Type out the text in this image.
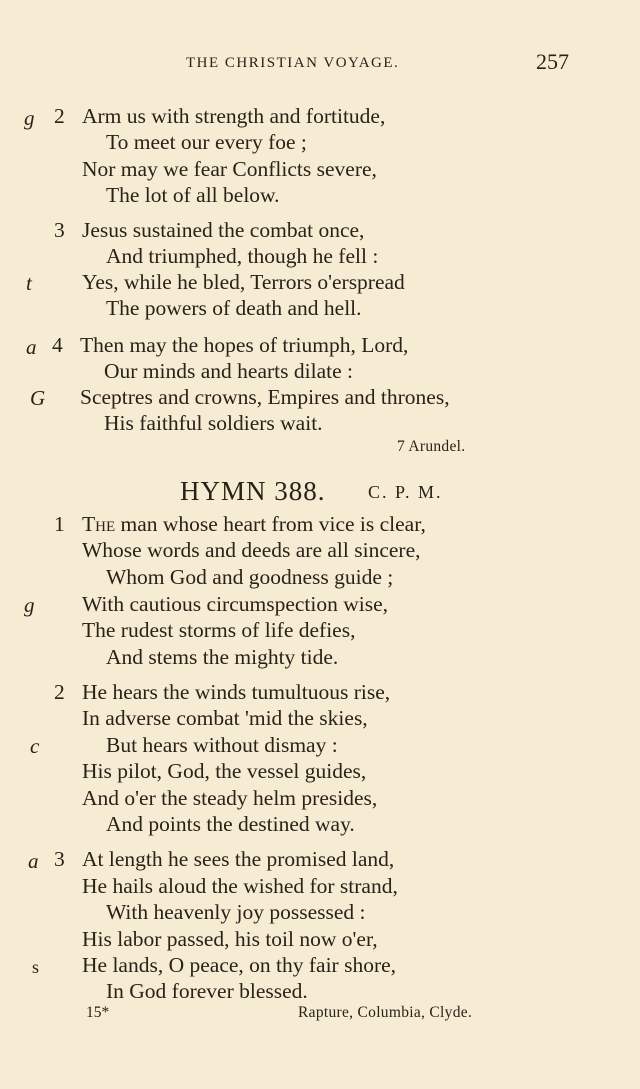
THE CHRISTIAN VOYAGE.	257
g 2 Arm us with strength and fortitude,
To meet our every foe ;
Nor may we fear Conflicts severe,
The lot of all below.
3 Jesus sustained the combat once,
And triumphed, though he fell :
t Yes, while he bled, Terrors o'erspread
The powers of death and hell.
a 4 Then may the hopes of triumph, Lord,
Our minds and hearts dilate :
G Sceptres and crowns, Empires and thrones,
His faithful soldiers wait.
7 Arundel.
HYMN 388. C. P. M.
1 The man whose heart from vice is clear,
Whose words and deeds are all sincere,
Whom God and goodness guide ;
g With cautious circumspection wise,
The rudest storms of life defies,
And stems the mighty tide.
2 He hears the winds tumultuous rise,
In adverse combat 'mid the skies,
c	But hears without dismay :
His pilot, God, the vessel guides,
And o'er the steady helm presides,
And points the destined way.
a 3 At length he sees the promised land,
He hails aloud the wished for strand,
With heavenly joy possessed :
His labor passed, his toil now o'er,
s He lands, O peace, on thy fair shore,
In God forever blessed.
15*	Rapture, Columbia, Clyde.
